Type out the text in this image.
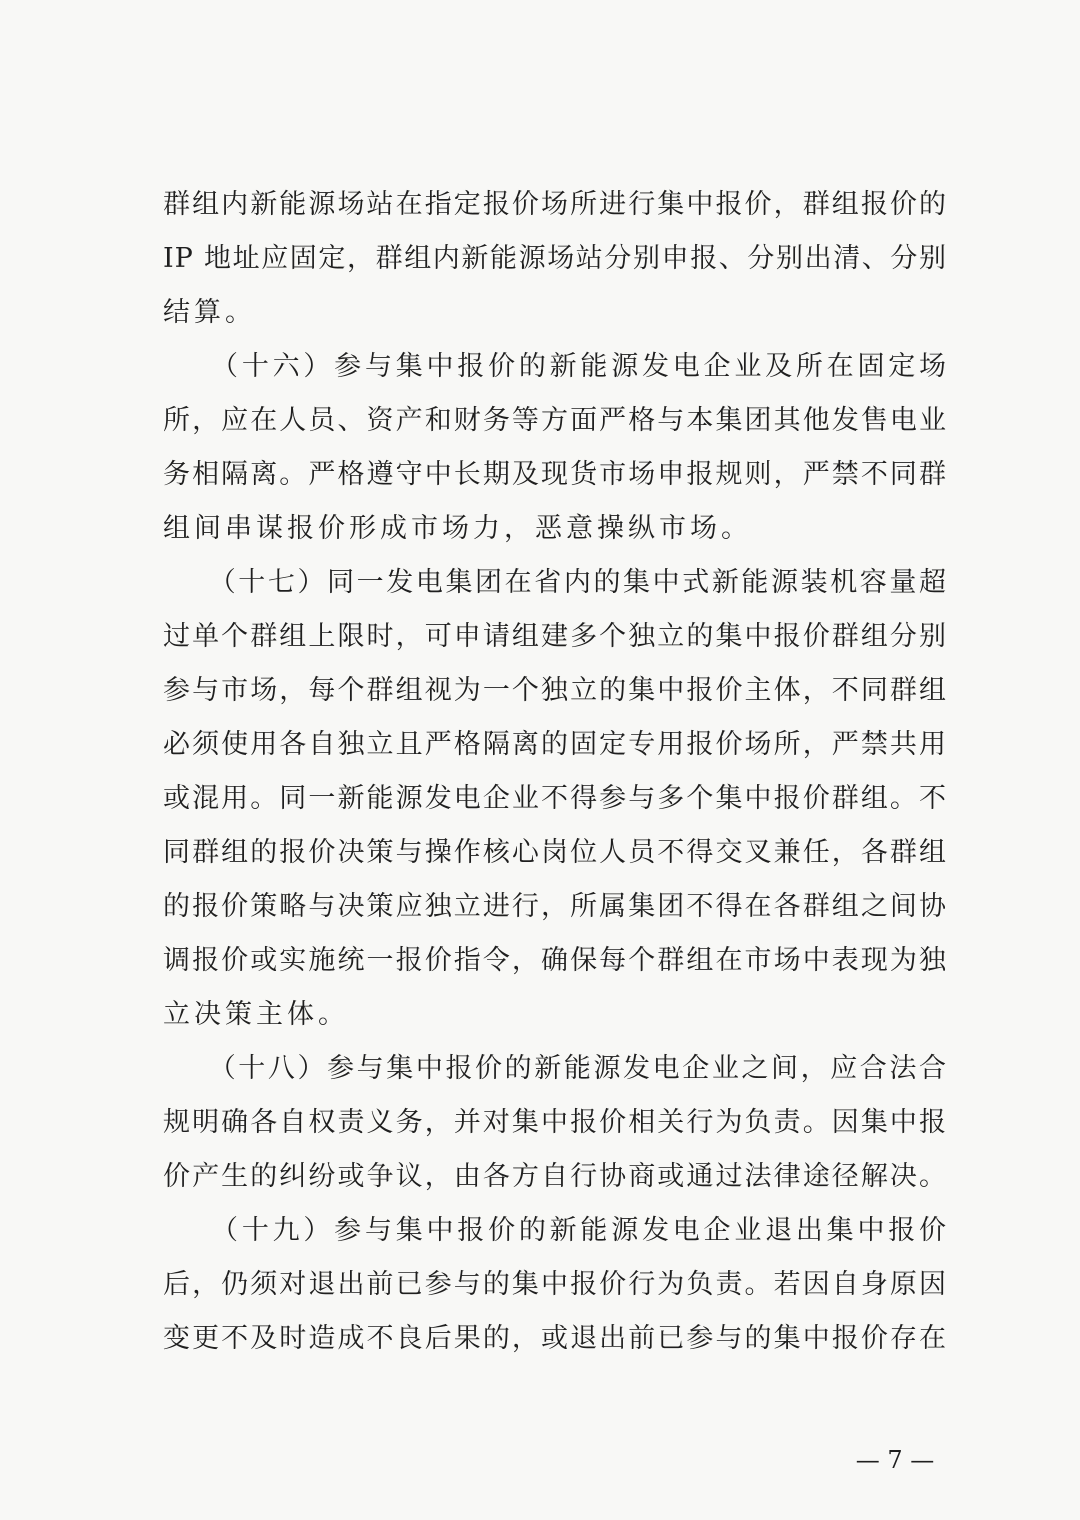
群组内新能源场站在指定报价场所进行集中报价，群组报价的
IP 地址应固定，群组内新能源场站分别申报、分别出清、分别
结算。
　　（十六）参与集中报价的新能源发电企业及所在固定场
所，应在人员、资产和财务等方面严格与本集团其他发售电业
务相隔离。严格遵守中长期及现货市场申报规则，严禁不同群
组间串谋报价形成市场力，恶意操纵市场。
　　（十七）同一发电集团在省内的集中式新能源装机容量超
过单个群组上限时，可申请组建多个独立的集中报价群组分别
参与市场，每个群组视为一个独立的集中报价主体，不同群组
必须使用各自独立且严格隔离的固定专用报价场所，严禁共用
或混用。同一新能源发电企业不得参与多个集中报价群组。不
同群组的报价决策与操作核心岗位人员不得交叉兼任，各群组
的报价策略与决策应独立进行，所属集团不得在各群组之间协
调报价或实施统一报价指令，确保每个群组在市场中表现为独
立决策主体。
　　（十八）参与集中报价的新能源发电企业之间，应合法合
规明确各自权责义务，并对集中报价相关行为负责。因集中报
价产生的纠纷或争议，由各方自行协商或通过法律途径解决。
　　（十九）参与集中报价的新能源发电企业退出集中报价
后，仍须对退出前已参与的集中报价行为负责。若因自身原因
变更不及时造成不良后果的，或退出前已参与的集中报价存在
— 7 —
